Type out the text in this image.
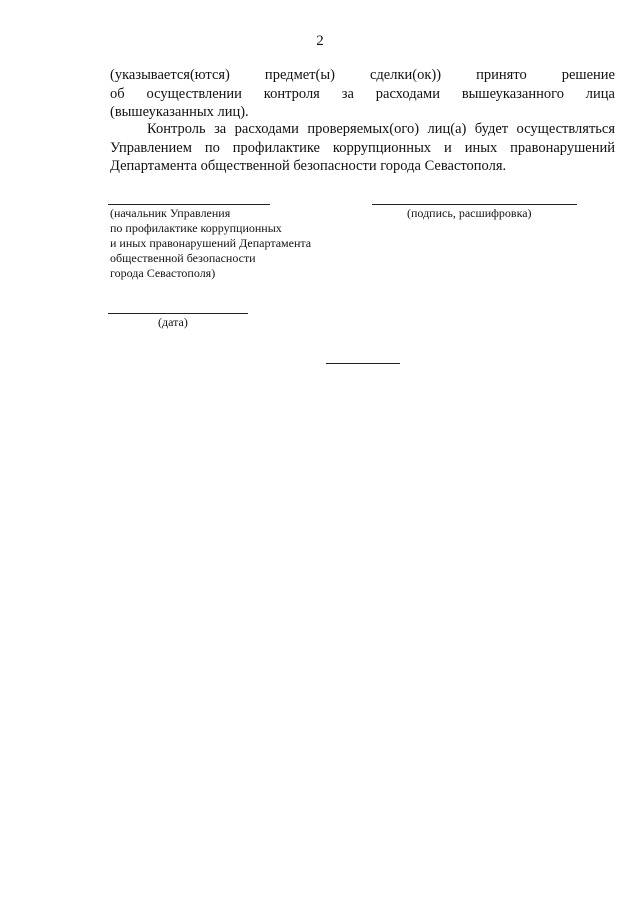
2
(указывается(ются) предмет(ы) сделки(ок)) принято решение
об осуществлении контроля за расходами вышеуказанного лица
(вышеуказанных лиц).
Контроль за расходами проверяемых(ого) лиц(а) будет осуществляться Управлением по профилактике коррупционных и иных правонарушений Департамента общественной безопасности города Севастополя.
(начальник Управления
по профилактике коррупционных
и иных правонарушений Департамента
общественной безопасности
города Севастополя)
(подпись, расшифровка)
(дата)
